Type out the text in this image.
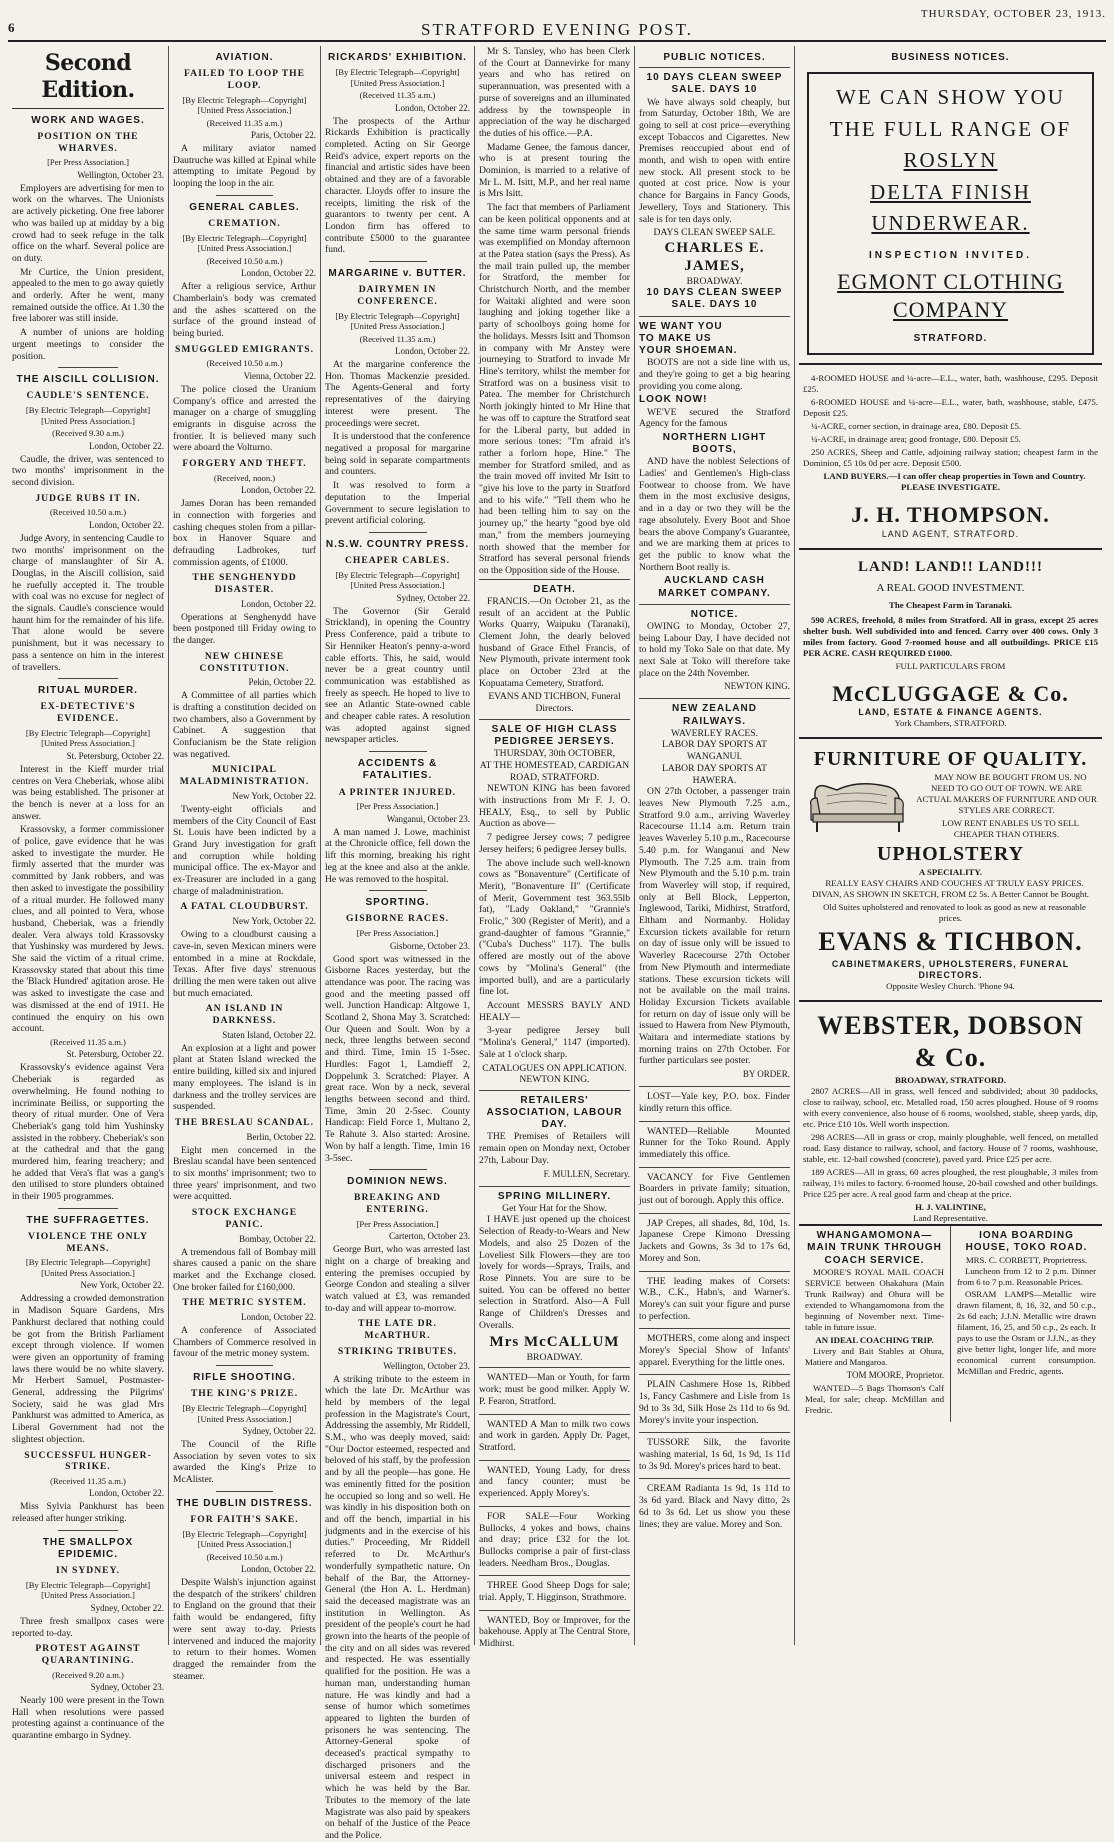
6	STRATFORD EVENING POST.
THURSDAY, OCTOBER 23, 1913.
Second Edition.
WORK AND WAGES.
POSITION ON THE WHARVES.
[Per Press Association.]
Wellington, October 23.

Employers are advertising for men to work on the wharves. The Unionists are actively picketing. One free laborer who was bailed up at midday by a big crowd had to seek refuge in the talk office on the wharf. Several police are on duty.

Mr Curtice, the Union president, appealed to the men to go away quietly and orderly. After he went, many remained outside the office. At 1.30 the free laborer was still inside.

A number of unions are holding urgent meetings to consider the position.

THE AISCILL COLLISION.
CAUDLE'S SENTENCE.
[By Electric Telegraph—Copyright] [United Press Association.]
(Received 9.30 a.m.)
London, October 22.

Caudle, the driver, was sentenced to two months' imprisonment in the second division.

JUDGE RUBS IT IN.
(Received 10.50 a.m.)
London, October 22.

Judge Avory, in sentencing Caudle to two months' imprisonment on the charge of manslaughter of Sir A. Douglas, in the Aiscill collision, said he ruefully accepted it. The trouble with coal was no excuse for neglect of the signals. Caudle's conscience would haunt him for the remainder of his life. That alone would be severe punishment, but it was necessary to pass a sentence on him in the interest of travellers.

RITUAL MURDER.
EX-DETECTIVE'S EVIDENCE.
[By Electric Telegraph—Copyright] [United Press Association.]
St. Petersburg, October 22.

Interest in the Kieff murder trial centres on Vera Cheberiak, whose alibi was being established. The prisoner at the bench is never at a loss for an answer.

Krassovsky, a former commissioner of police, gave evidence that he was asked to investigate the murder. He firmly asserted that the murder was committed by Jank robbers, and was then asked to investigate the possibility of a ritual murder. He followed many clues, and all pointed to Vera, whose husband, Cheberiak, was a friendly dealer. Vera always told Krassovsky that Yushinsky was murdered by Jews. She said the victim of a ritual crime. Krassovsky stated that about this time the 'Black Hundred' agitation arose. He was asked to investigate the case and was dismissed at the end of 1911. He continued the enquiry on his own account.

(Received 11.35 a.m.)
St. Petersburg, October 22.

Krassovsky's evidence against Vera Cheberiak is regarded as overwhelming. He found nothing to incriminate Beiliss, or supporting the theory of ritual murder. One of Vera Cheberiak's gang told him Yushinsky assisted in the robbery. Cheberiak's son at the cathedral and that the gang murdered him, fearing treachery; and he added that Vera's flat was a gang's den utilised to store plunders obtained in their 1905 programmes.

THE SUFFRAGETTES.
VIOLENCE THE ONLY MEANS.
[By Electric Telegraph—Copyright] [United Press Association.]
New York, October 22.

Addressing a crowded demonstration in Madison Square Gardens, Mrs Pankhurst declared that nothing could be got from the British Parliament except through violence. If women were given an opportunity of framing laws there would be no white slavery. Mr Herbert Samuel, Postmaster-General, addressing the Pilgrims' Society, said he was glad Mrs Pankhurst was admitted to America, as Liberal Government had not the slightest objection.

SUCCESSFUL HUNGER-STRIKE.
(Received 11.35 a.m.)
London, October 22.

Miss Sylvia Pankhurst has been released after hunger striking.

THE SMALLPOX EPIDEMIC.
IN SYDNEY.
[By Electric Telegraph—Copyright] [United Press Association.]
Sydney, October 22.

Three fresh smallpox cases were reported to-day.

PROTEST AGAINST QUARANTINING.
(Received 9.20 a.m.)
Sydney, October 23.

Nearly 100 were present in the Town Hall when resolutions were passed protesting against a continuance of the quarantine embargo in Sydney.

AVIATION.
FAILED TO LOOP THE LOOP.
[By Electric Telegraph—Copyright] [United Press Association.]
(Received 11.35 a.m.)
Paris, October 22.

A military aviator named Dautruche was killed at Epinal while attempting to imitate Pegoud by looping the loop in the air.

GENERAL CABLES.
CREMATION.
[By Electric Telegraph—Copyright] [United Press Association.]
(Received 10.50 a.m.)
London, October 22.

After a religious service, Arthur Chamberlain's body was cremated and the ashes scattered on the surface of the ground instead of being buried.

SMUGGLED EMIGRANTS.
(Received 10.50 a.m.)
Vienna, October 22.

The police closed the Uranium Company's office and arrested the manager on a charge of smuggling emigrants in disguise across the frontier. It is believed many such were aboard the Volturno.

FORGERY AND THEFT.
(Received, noon.)
London, October 22.

James Doran has been remanded in connection with forgeries and cashing cheques stolen from a pillar-box in Hanover Square and defrauding Ladbrokes, turf commission agents, of £1000.

THE SENGHENYDD DISASTER.
London, October 22.

Operations at Senghenydd have been postponed till Friday owing to the danger.

NEW CHINESE CONSTITUTION.
Pekin, October 22.

A Committee of all parties which is drafting a constitution decided on two chambers, also a Government by Cabinet. A suggestion that Confucianism be the State religion was negatived.

MUNICIPAL MALADMINISTRATION.
New York, October 22.

Twenty-eight officials and members of the City Council of East St. Louis have been indicted by a Grand Jury investigation for graft and corruption while holding municipal office. The ex-Mayor and ex-Treasurer are included in a gang charge of maladministration.

A FATAL CLOUDBURST.
New York, October 22.

Owing to a cloudburst causing a cave-in, seven Mexican miners were entombed in a mine at Rockdale, Texas. After five days' strenuous drilling the men were taken out alive but much emaciated.

AN ISLAND IN DARKNESS.
Staten Island, October 22.

An explosion at a light and power plant at Staten Island wrecked the entire building, killed six and injured many employees. The island is in darkness and the trolley services are suspended.

THE BRESLAU SCANDAL.
Berlin, October 22.

Eight men concerned in the Breslau scandal have been sentenced to six months' imprisonment; two to three years' imprisonment, and two were acquitted.

STOCK EXCHANGE PANIC.
Bombay, October 22.

A tremendous fall of Bombay mill shares caused a panic on the share market and the Exchange closed. One broker failed for £160,000.

THE METRIC SYSTEM.
London, October 22.

A conference of Associated Chambers of Commerce resolved in favour of the metric money system.

RIFLE SHOOTING.
THE KING'S PRIZE.
[By Electric Telegraph—Copyright] [United Press Association.]
Sydney, October 22.

The Council of the Rifle Association by seven votes to six awarded the King's Prize to McAlister.

THE DUBLIN DISTRESS.
FOR FAITH'S SAKE.
[By Electric Telegraph—Copyright] [United Press Association.]
(Received 10.50 a.m.)
London, October 22.

Despite Walsh's injunction against the despatch of the strikers' children to England on the ground that their faith would be endangered, fifty were sent away to-day. Priests intervened and induced the majority to return to their homes. Women dragged the remainder from the steamer.

RICKARDS' EXHIBITION.
[By Electric Telegraph—Copyright] [United Press Association.]
(Received 11.35 a.m.)
London, October 22.

The prospects of the Arthur Rickards Exhibition is practically completed. Acting on Sir George Reid's advice, expert reports on the financial and artistic sides have been obtained and they are of a favorable character. Lloyds offer to insure the receipts, limiting the risk of the guarantors to twenty per cent. A London firm has offered to contribute £5000 to the guarantee fund.

MARGARINE v. BUTTER.
DAIRYMEN IN CONFERENCE.
[By Electric Telegraph—Copyright] [United Press Association.]
(Received 11.35 a.m.)
London, October 22.

At the margarine conference the Hon. Thomas Mackenzie presided. The Agents-General and forty representatives of the dairying interest were present. The proceedings were secret.

It is understood that the conference negatived a proposal for margarine being sold in separate compartments and counters.

It was resolved to form a deputation to the Imperial Government to secure legislation to prevent artificial coloring.

N.S.W. COUNTRY PRESS.
CHEAPER CABLES.
[By Electric Telegraph—Copyright] [United Press Association.]
Sydney, October 22.

The Governor (Sir Gerald Strickland), in opening the Country Press Conference, paid a tribute to Sir Henniker Heaton's penny-a-word cable efforts. This, he said, would never be a great country until communication was established as freely as speech. He hoped to live to see an Atlantic State-owned cable and cheaper cable rates. A resolution was adopted against signed newspaper articles.

ACCIDENTS & FATALITIES.
A PRINTER INJURED.
[Per Press Association.]
Wanganui, October 23.

A man named J. Lowe, machinist at the Chronicle office, fell down the lift this morning, breaking his right leg at the knee and also at the ankle. He was removed to the hospital.

SPORTING.
GISBORNE RACES.
[Per Press Association.]
Gisborne, October 23.

Good sport was witnessed in the Gisborne Races yesterday, but the attendance was poor. The racing was good and the meeting passed off well. Junction Handicap: Altgowe 1, Scotland 2, Shona May 3. Scratched: Our Queen and Soult. Won by a neck, three lengths between second and third. Time, 1min 15 1-5sec. Hurdles: Fagot 1, Lamdieff 2, Doppelunk 3. Scratched: Player. A great race. Won by a neck, several lengths between second and third. Time, 3min 20 2-5sec. County Handicap: Field Force 1, Multano 2, Te Rahute 3. Also started: Arosine. Won by half a length. Time, 1min 16 3-5sec.

DOMINION NEWS.
BREAKING AND ENTERING.
[Per Press Association.]
Carterton, October 23.

George Burt, who was arrested last night on a charge of breaking and entering the premises occupied by George Condon and stealing a silver watch valued at £3, was remanded to-day and will appear to-morrow.

THE LATE DR. McARTHUR.
STRIKING TRIBUTES.
Wellington, October 23.

A striking tribute to the esteem in which the late Dr. McArthur was held by members of the legal profession in the Magistrate's Court, Addressing the assembly, Mr Riddell, S.M., who was deeply moved, said: "Our Doctor esteemed, respected and beloved of his staff, by the profession and by all the people—has gone. He was eminently fitted for the position he occupied so long and so well. He was kindly in his disposition both on and off the bench, impartial in his judgments and in the exercise of his duties." Proceeding, Mr Riddell referred to Dr. McArthur's wonderfully sympathetic nature. On behalf of the Bar, the Attorney-General (the Hon A. L. Herdman) said the deceased magistrate was an institution in Wellington. As president of the people's court he had grown into the hearts of the people of the city and on all sides was revered and respected. He was essentially qualified for the position. He was a human man, understanding human nature. He was kindly and had a sense of humor which sometimes appeared to lighten the burden of prisoners he was sentencing. The Attorney-General spoke of deceased's practical sympathy to discharged prisoners and the universal esteem and respect in which he was held by the Bar. Tributes to the memory of the late Magistrate was also paid by speakers on behalf of the Justice of the Peace and the Police.

Mr S. Tansley, who has been Clerk of the Court at Dannevirke for many years and who has retired on superannuation, was presented with a purse of sovereigns and an illuminated address by the townspeople in appreciation of the way he discharged the duties of his office.—P.A.

Madame Genee, the famous dancer, who is at present touring the Dominion, is married to a relative of Mr L. M. Isitt, M.P., and her real name is Mrs Isitt.

The fact that members of Parliament can be keen political opponents and at the same time warm personal friends was exemplified on Monday afternoon at the Patea station (says the Press). As the mail train pulled up, the member for Stratford, the member for Christchurch North, and the member for Waitaki alighted and were soon laughing and joking together like a party of schoolboys going home for the holidays. Messrs Isitt and Thomson in company with Mr Anstey were journeying to Stratford to invade Mr Hine's territory, whilst the member for Stratford was on a business visit to Patea. The member for Christchurch North jokingly hinted to Mr Hine that he was off to capture the Stratford seat for the Liberal party, but added in more serious tones: "I'm afraid it's rather a forlorn hope, Hine." The member for Stratford smiled, and as the train moved off invited Mr Isitt to "give his love to the party in Stratford and to his wife." "Tell them who he had been telling him to say on the journey up," the hearty "good bye old man," from the members journeying north showed that the member for Stratford has several personal friends on the Opposition side of the House.

DEATH.

FRANCIS.—On October 21, as the result of an accident at the Public Works Quarry, Waipuku (Taranaki), Clement John, the dearly beloved husband of Grace Ethel Francis, of New Plymouth, private interment took place on October 23rd at the Kopuatama Cemetery, Stratford.

EVANS AND TICHBON, Funeral Directors.
SALE OF HIGH CLASS PEDIGREE JERSEYS.
THURSDAY, 30th OCTOBER,
AT THE HOMESTEAD, CARDIGAN ROAD, STRATFORD.

NEWTON KING has been favored with instructions from Mr F. J. O. HEALY, Esq., to sell by Public Auction as above—

7 pedigree Jersey cows; 7 pedigree Jersey heifers; 6 pedigree Jersey bulls.

The above include such well-known cows as "Bonaventure" (Certificate of Merit), "Bonaventure II" (Certificate of Merit, Government test 363.55lb fat), "Lady Oakland," "Grannie's Frolic," 300 (Register of Merit), and a grand-daughter of famous "Grannie," ("Cuba's Duchess" 117). The bulls offered are mostly out of the above cows by "Molina's General" (the imported bull), and are a particularly fine lot.

Account MESSRS BAYLY AND HEALY—

3-year pedigree Jersey bull "Molina's General," 1147 (imported). Sale at 1 o'clock sharp.

CATALOGUES ON APPLICATION.
NEWTON KING.
RETAILERS' ASSOCIATION, LABOUR DAY.

THE Premises of Retailers will remain open on Monday next, October 27th, Labour Day.

F. MULLEN, Secretary.
SPRING MILLINERY.
Get Your Hat for the Show.

I HAVE just opened up the choicest Selection of Ready-to-Wears and New Models, and also 25 Dozen of the Loveliest Silk Flowers—they are too lovely for words—Sprays, Trails, and Rose Pinnets. You are sure to be suited. You can be offered no better selection in Stratford. Also—A Full Range of Children's Dresses and Overalls.

Mrs McCALLUM
BROADWAY.

WANTED—Man or Youth, for farm work; must be good milker. Apply W. P. Fearon, Stratford.

WANTED A Man to milk two cows and work in garden. Apply Dr. Paget, Stratford.

WANTED, Young Lady, for dress and fancy counter; must be experienced. Apply Morey's.

FOR SALE—Four Working Bullocks, 4 yokes and bows, chains and dray; price £32 for the lot. Bullocks comprise a pair of first-class leaders. Needham Bros., Douglas.

THREE Good Sheep Dogs for sale; trial. Apply, T. Higginson, Strathmore.

WANTED, Boy or Improver, for the bakehouse. Apply at The Central Store, Midhirst.

PUBLIC NOTICES.
10 DAYS CLEAN SWEEP SALE. DAYS 10

We have always sold cheaply, but from Saturday, October 18th, We are going to sell at cost price—everything except Tobaccos and Cigarettes. New Premises reoccupied about end of month, and wish to open with entire new stock. All present stock to be quoted at cost price. Now is your chance for Bargains in Fancy Goods, Jewellery, Toys and Stationery. This sale is for ten days only.

DAYS CLEAN SWEEP SALE.
CHARLES E. JAMES,
BROADWAY.
10 DAYS CLEAN SWEEP SALE. DAYS 10
WE WANT YOU
TO MAKE US
YOUR SHOEMAN.

BOOTS are not a side line with us, and they're going to get a big hearing providing you come along.

LOOK NOW!

WE'VE secured the Stratford Agency for the famous

NORTHERN LIGHT BOOTS,

AND have the noblest Selections of Ladies' and Gentlemen's High-class Footwear to choose from. We have them in the most exclusive designs, and in a day or two they will be the rage absolutely. Every Boot and Shoe bears the above Company's Guarantee, and we are marking them at prices to get the public to know what the Northern Boot really is.

AUCKLAND CASH MARKET COMPANY.
NOTICE.

OWING to Monday, October 27, being Labour Day, I have decided not to hold my Toko Sale on that date. My next Sale at Toko will therefore take place on the 24th November.

NEWTON KING.
NEW ZEALAND RAILWAYS.
WAVERLEY RACES.
LABOR DAY SPORTS AT WANGANUI.
LABOR DAY SPORTS AT HAWERA.

ON 27th October, a passenger train leaves New Plymouth 7.25 a.m., Stratford 9.0 a.m., arriving Waverley Racecourse 11.14 a.m. Return train leaves Waverley 5.10 p.m., Racecourse 5.40 p.m. for Wanganui and New Plymouth. The 7.25 a.m. train from New Plymouth and the 5.10 p.m. train from Waverley will stop, if required, only at Bell Block, Lepperton, Inglewood, Tariki, Midhirst, Stratford, Eltham and Normanby. Holiday Excursion tickets available for return on day of issue only will be issued to Waverley Racecourse 27th October from New Plymouth and intermediate stations. These excursion tickets will not be available on the mail trains. Holiday Excursion Tickets available for return on day of issue only will be issued to Hawera from New Plymouth, Waitara and intermediate stations by morning trains on 27th October. For further particulars see poster.

BY ORDER.

LOST—Yale key, P.O. box. Finder kindly return this office.

WANTED—Reliable Mounted Runner for the Toko Round. Apply immediately this office.

VACANCY for Five Gentlemen Boarders in private family; situation, just out of borough. Apply this office.

JAP Crepes, all shades, 8d, 10d, 1s. Japanese Crepe Kimono Dressing Jackets and Gowns, 3s 3d to 17s 6d, Morey and Son.

THE leading makes of Corsets: W.B., C.K., Habn's, and Warner's. Morey's can suit your figure and purse to perfection.

MOTHERS, come along and inspect Morey's Special Show of Infants' apparel. Everything for the little ones.

PLAIN Cashmere Hose 1s, Ribbed 1s, Fancy Cashmere and Lisle from 1s 9d to 3s 3d, Silk Hose 2s 11d to 6s 9d. Morey's invite your inspection.

TUSSORE Silk, the favorite washing material, 1s 6d, 1s 9d, 1s 11d to 3s 9d. Morey's prices hard to beat.

CREAM Radianta 1s 9d, 1s 11d to 3s 6d yard. Black and Navy ditto, 2s 6d to 3s 6d. Let us show you these lines; they are value. Morey and Son.

BUSINESS NOTICES.
WE CAN SHOW YOU
THE FULL RANGE OF
ROSLYN
DELTA FINISH
UNDERWEAR.
INSPECTION INVITED.
EGMONT CLOTHING
COMPANY
STRATFORD.

4-ROOMED HOUSE and ¼-acre—E.L., water, bath, washhouse, £295. Deposit £25.

6-ROOMED HOUSE and ¼-acre—E.L., water, bath, washhouse, stable, £475. Deposit £25.

¼-ACRE, corner section, in drainage area, £80. Deposit £5.

¼-ACRE, in drainage area; good frontage, £80. Deposit £5.

250 ACRES, Sheep and Cattle, adjoining railway station; cheapest farm in the Dominion, £5 10s 0d per acre. Deposit £500.

LAND BUYERS.—I can offer cheap properties in Town and Country. PLEASE INVESTIGATE.

J. H. THOMPSON.
LAND AGENT, STRATFORD.
LAND! LAND!! LAND!!!
A REAL GOOD INVESTMENT.
The Cheapest Farm in Taranaki.

590 ACRES, freehold, 8 miles from Stratford. All in grass, except 25 acres shelter bush. Well subdivided into and fenced. Carry over 400 cows. Only 3 miles from factory. Good 7-roomed house and all outbuildings. PRICE £15 PER ACRE. CASH REQUIRED £1000.

FULL PARTICULARS FROM
McCLUGGAGE & Co.
LAND, ESTATE & FINANCE AGENTS.
York Chambers, STRATFORD.
FURNITURE OF QUALITY.

MAY NOW BE BOUGHT FROM US. NO NEED TO GO OUT OF TOWN. WE ARE ACTUAL MAKERS OF FURNITURE AND OUR STYLES ARE CORRECT.

LOW RENT ENABLES US TO SELL CHEAPER THAN OTHERS.

UPHOLSTERY
A SPECIALITY.

REALLY EASY CHAIRS AND COUCHES AT TRULY EASY PRICES. DIVAN, AS SHOWN IN SKETCH, FROM £2 5s. A Better Cannot be Bought.

Old Suites upholstered and renovated to look as good as new at reasonable prices.

EVANS & TICHBON.
CABINETMAKERS, UPHOLSTERERS, FUNERAL DIRECTORS.
Opposite Wesley Church. 'Phone 94.
WEBSTER, DOBSON & Co.
BROADWAY, STRATFORD.

2807 ACRES—All in grass, well fenced and subdivided; about 30 paddocks, close to railway, school, etc. Metalled road, 150 acres ploughed. House of 9 rooms with every convenience, also house of 6 rooms, woolshed, stable, sheep yards, dip, etc. Price £10 10s. Well worth inspection.

298 ACRES—All in grass or crop, mainly ploughable, well fenced, on metalled road. Easy distance to railway, school, and factory. House of 7 rooms, washhouse, stable, etc. 12-bail cowshed (concrete), paved yard. Price £25 per acre.

189 ACRES—All in grass, 60 acres ploughed, the rest ploughable, 3 miles from railway, 1½ miles to factory. 6-roomed house, 20-bail cowshed and other buildings. Price £25 per acre. A real good farm and cheap at the price.

H. J. VALINTINE,
Land Representative.
WHANGAMOMONA—MAIN TRUNK THROUGH COACH SERVICE.

MOORE'S ROYAL MAIL COACH SERVICE between Ohakahura (Main Trunk Railway) and Ohura will be extended to Whangamomona from the beginning of November next. Time-table in future issue.

AN IDEAL COACHING TRIP.

Livery and Bait Stables at Ohura, Matiere and Mangaroa.

TOM MOORE, Proprietor.

WANTED—5 Bags Thomson's Calf Meal, for sale; cheap. McMillan and Fredric.

IONA BOARDING HOUSE, TOKO ROAD.
MRS. C. CORBETT, Proprietress.

Luncheon from 12 to 2 p.m. Dinner from 6 to 7 p.m. Reasonable Prices.

OSRAM LAMPS—Metallic wire drawn filament, 8, 16, 32, and 50 c.p., 2s 6d each; J.J.N. Metallic wire drawn filament, 16, 25, and 50 c.p., 2s each. It pays to use the Osram or J.J.N., as they give better light, longer life, and more economical current consumption. McMillan and Fredric, agents.
